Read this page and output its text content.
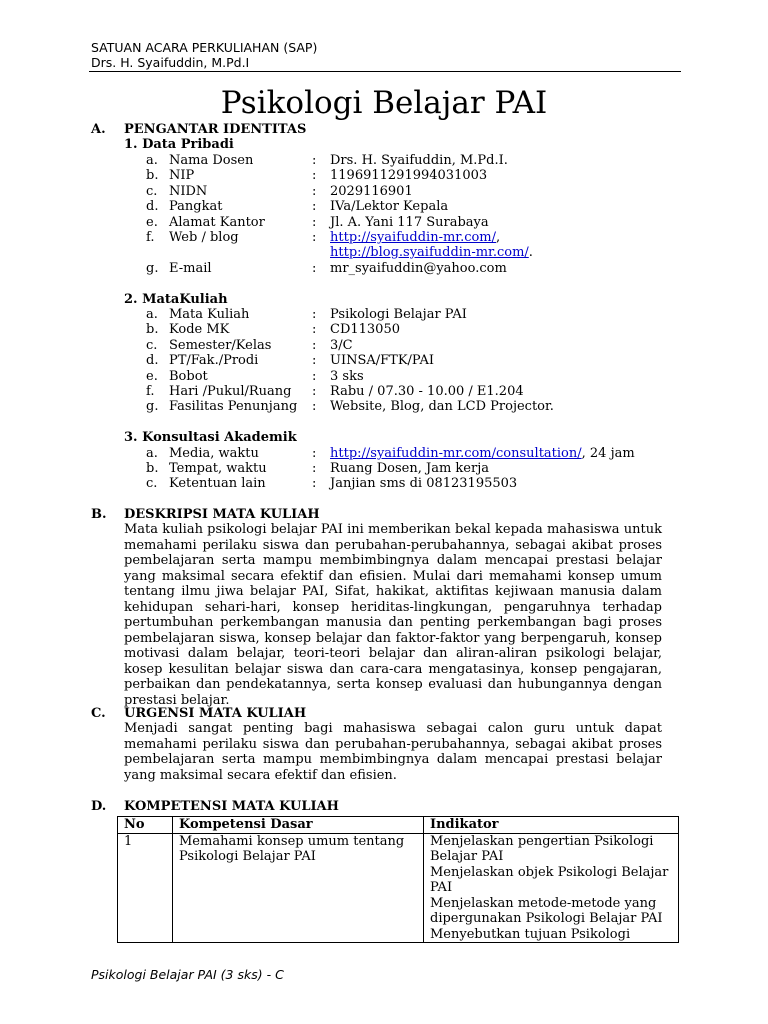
SATUAN ACARA PERKULIAHAN (SAP)
Drs. H. Syaifuddin, M.Pd.I
Psikologi Belajar PAI
A. PENGANTAR IDENTITAS
1. Data Pribadi
a. Nama Dosen	: Drs. H. Syaifuddin, M.Pd.I.
b. NIP	: 1196911291994031003
c. NIDN	: 2029116901
d. Pangkat	: IVa/Lektor Kepala
e. Alamat Kantor	: Jl. A. Yani 117 Surabaya
f. Web / blog	: http://syaifuddin-mr.com/,
http://blog.syaifuddin-mr.com/.
g. E-mail	: mr_syaifuddin@yahoo.com
2. MataKuliah
a. Mata Kuliah	: Psikologi Belajar PAI
b. Kode MK	: CD113050
c. Semester/Kelas	: 3/C
d. PT/Fak./Prodi	: UINSA/FTK/PAI
e. Bobot	: 3 sks
f. Hari /Pukul/Ruang : Rabu / 07.30 - 10.00 / E1.204
g. Fasilitas Penunjang : Website, Blog, dan LCD Projector.
3. Konsultasi Akademik
a. Media, waktu	: http://syaifuddin-mr.com/consultation/, 24 jam
b. Tempat, waktu	: Ruang Dosen, Jam kerja
c. Ketentuan lain	: Janjian sms di 08123195503
B. DESKRIPSI MATA KULIAH
Mata kuliah psikologi belajar PAI ini memberikan bekal kepada mahasiswa untuk memahami perilaku siswa dan perubahan-perubahannya, sebagai akibat proses pembelajaran serta mampu membimbingnya dalam mencapai prestasi belajar yang maksimal secara efektif dan efisien. Mulai dari memahami konsep umum tentang ilmu jiwa belajar PAI, Sifat, hakikat, aktifitas kejiwaan manusia dalam kehidupan sehari-hari, konsep heriditas-lingkungan, pengaruhnya terhadap pertumbuhan perkembangan manusia dan penting perkembangan bagi proses pembelajaran siswa, konsep belajar dan faktor-faktor yang berpengaruh, konsep motivasi dalam belajar, teori-teori belajar dan aliran-aliran psikologi belajar, kosep kesulitan belajar siswa dan cara-cara mengatasinya, konsep pengajaran, perbaikan dan pendekatannya, serta konsep evaluasi dan hubungannya dengan prestasi belajar.
C. URGENSI MATA KULIAH
Menjadi sangat penting bagi mahasiswa sebagai calon guru untuk dapat memahami perilaku siswa dan perubahan-perubahannya, sebagai akibat proses pembelajaran serta mampu membimbingnya dalam mencapai prestasi belajar yang maksimal secara efektif dan efisien.
D. KOMPETENSI MATA KULIAH
No	Kompetensi Dasar	Indikator
1	Memahami konsep umum tentang Psikologi Belajar PAI	Menjelaskan pengertian Psikologi Belajar PAI
Menjelaskan objek Psikologi Belajar PAI
Menjelaskan metode-metode yang dipergunakan Psikologi Belajar PAI
Menyebutkan tujuan Psikologi
Psikologi Belajar PAI (3 sks) - C
